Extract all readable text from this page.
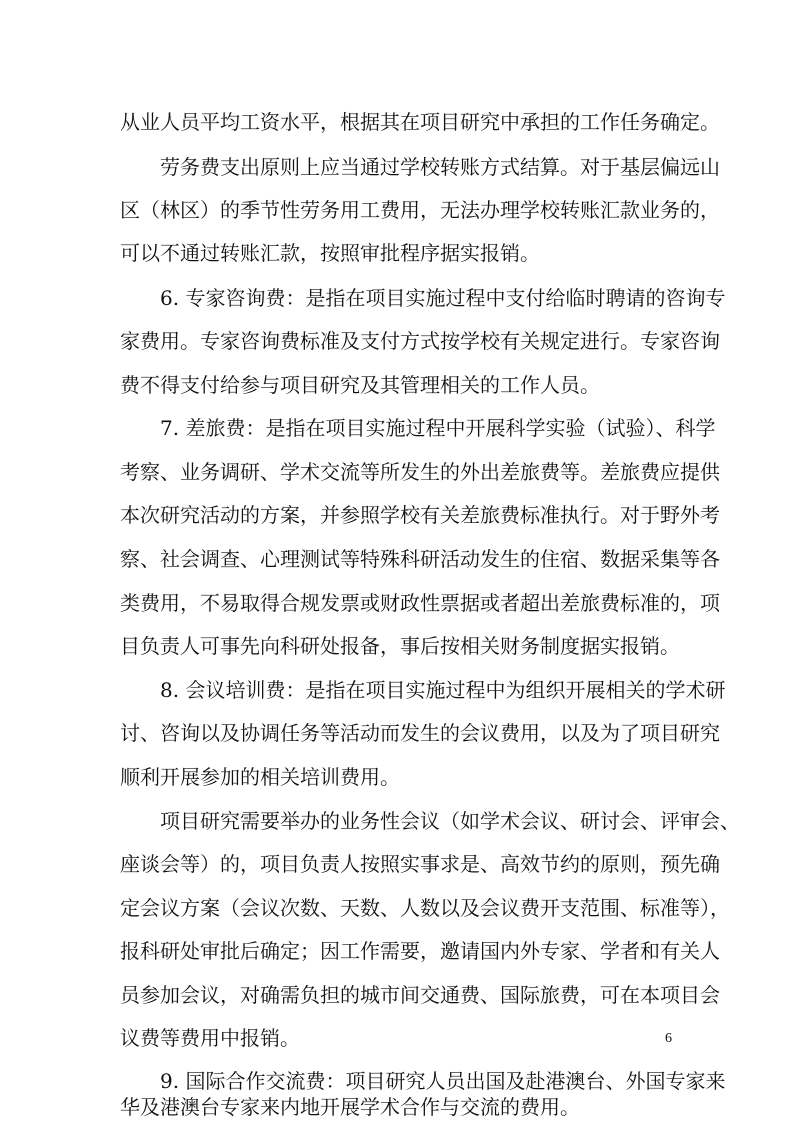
从业人员平均工资水平，根据其在项目研究中承担的工作任务确定。
劳务费支出原则上应当通过学校转账方式结算。对于基层偏远山
区（林区）的季节性劳务用工费用，无法办理学校转账汇款业务的，
可以不通过转账汇款，按照审批程序据实报销。
6. 专家咨询费：是指在项目实施过程中支付给临时聘请的咨询专
家费用。专家咨询费标准及支付方式按学校有关规定进行。专家咨询
费不得支付给参与项目研究及其管理相关的工作人员。
7. 差旅费：是指在项目实施过程中开展科学实验（试验）、科学
考察、业务调研、学术交流等所发生的外出差旅费等。差旅费应提供
本次研究活动的方案，并参照学校有关差旅费标准执行。对于野外考
察、社会调查、心理测试等特殊科研活动发生的住宿、数据采集等各
类费用，不易取得合规发票或财政性票据或者超出差旅费标准的，项
目负责人可事先向科研处报备，事后按相关财务制度据实报销。
8. 会议培训费：是指在项目实施过程中为组织开展相关的学术研
讨、咨询以及协调任务等活动而发生的会议费用，以及为了项目研究
顺利开展参加的相关培训费用。
项目研究需要举办的业务性会议（如学术会议、研讨会、评审会、
座谈会等）的，项目负责人按照实事求是、高效节约的原则，预先确
定会议方案（会议次数、天数、人数以及会议费开支范围、标准等），
报科研处审批后确定；因工作需要，邀请国内外专家、学者和有关人
员参加会议，对确需负担的城市间交通费、国际旅费，可在本项目会
议费等费用中报销。
9. 国际合作交流费：项目研究人员出国及赴港澳台、外国专家来
华及港澳台专家来内地开展学术合作与交流的费用。
6
